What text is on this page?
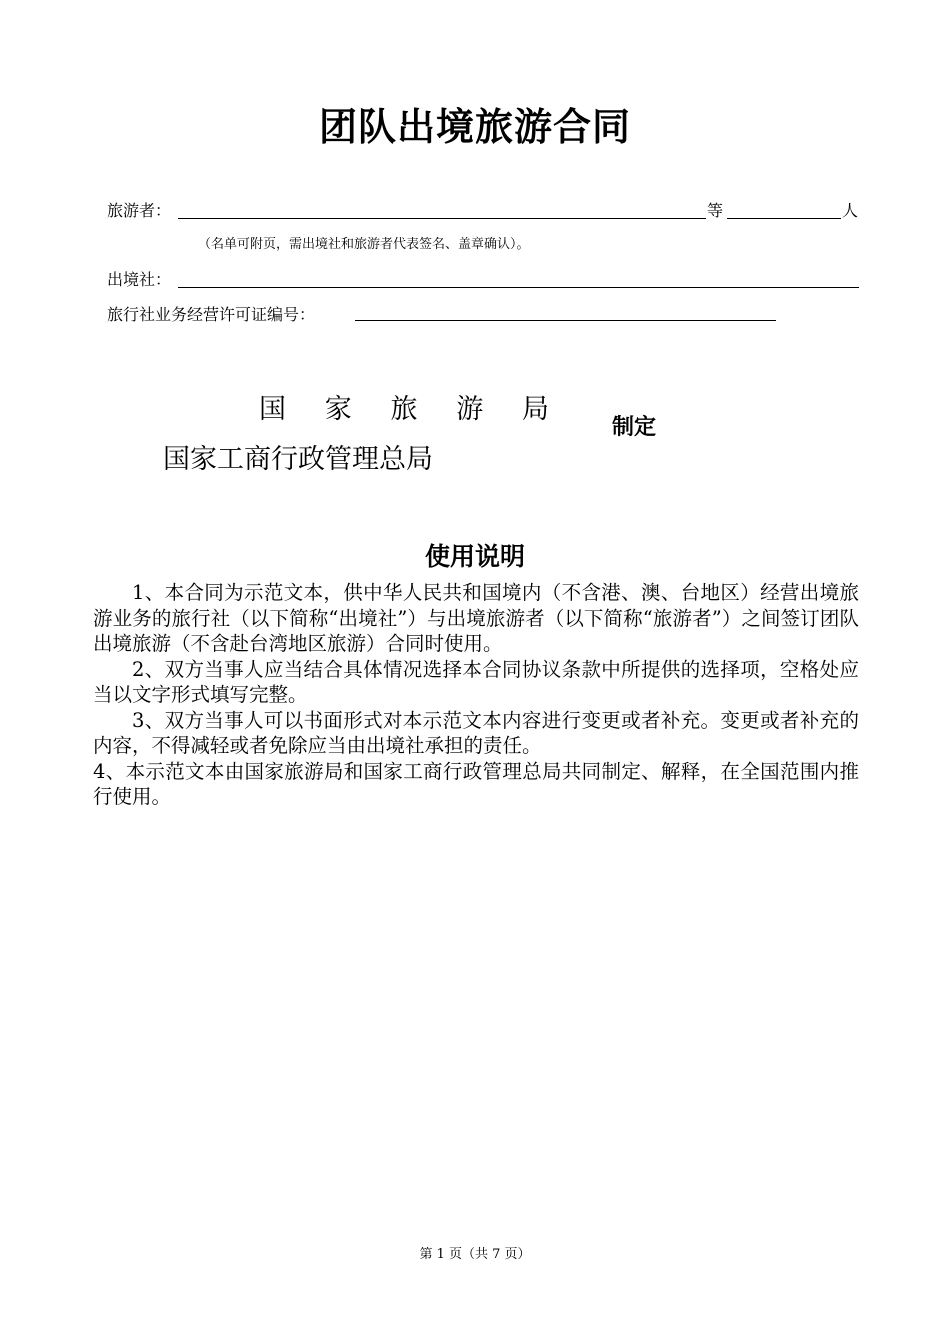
团队出境旅游合同
旅游者：	等	人
（名单可附页，需出境社和旅游者代表签名、盖章确认）。
出境社：
旅行社业务经营许可证编号：
国 家 旅 游 局
国家工商行政管理总局
制定
使用说明

1、本合同为示范文本，供中华人民共和国境内（不含港、澳、台地区）经营出境旅游业务的旅行社（以下简称“出境社”）与出境旅游者（以下简称“旅游者”）之间签订团队出境旅游（不含赴台湾地区旅游）合同时使用。

2、双方当事人应当结合具体情况选择本合同协议条款中所提供的选择项，空格处应当以文字形式填写完整。

3、双方当事人可以书面形式对本示范文本内容进行变更或者补充。变更或者补充的内容，不得减轻或者免除应当由出境社承担的责任。

4、本示范文本由国家旅游局和国家工商行政管理总局共同制定、解释，在全国范围内推行使用。

第 1 页（共 7 页）
